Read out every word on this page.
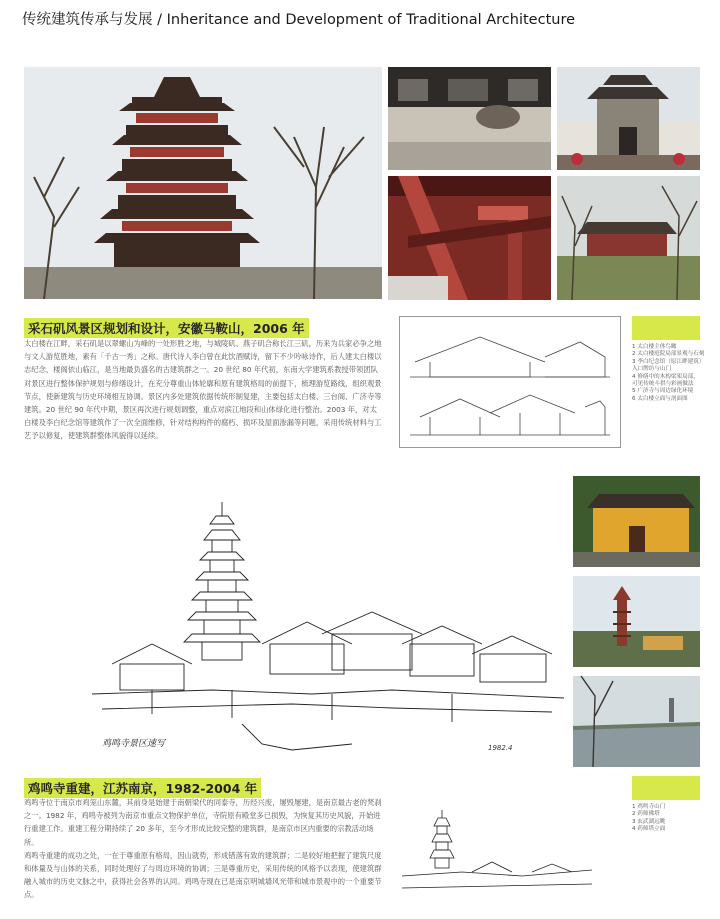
传统建筑传承与发展 / Inheritance and Development of Traditional Architecture
采石矶风景区规划和设计，安徽马鞍山，2006 年

太白楼在江畔，采石矶是以翠螺山为峰的一处形胜之地，与城陵矶、燕子矶合称长江三矶，历来为兵家必争之地与文人游览胜地，素有「千古一秀」之称。唐代诗人李白曾在此饮酒赋诗，留下不少吟咏诗作，后人建太白楼以志纪念，楼阁依山临江，是当地最负盛名的古建筑群之一。20 世纪 80 年代初，东南大学建筑系教授带领团队对景区进行整体保护规划与修缮设计，在充分尊重山体轮廓和原有建筑格局的前提下，梳理游览路线，组织观景节点，使新建筑与历史环境相互协调。景区内多处建筑依据传统形制复建，主要包括太白楼、三台阁、广济寺等建筑。20 世纪 90 年代中期，景区再次进行规划调整，重点对滨江地段和山体绿化进行整治。2003 年，对太白楼及李白纪念馆等建筑作了一次全面维修，针对结构构件的腐朽、损坏及屋面渗漏等问题，采用传统材料与工艺予以修复，使建筑群整体风貌得以延续。

1 太白楼主体鸟瞰
2 太白楼庭院局部景观与石刻
3 李白纪念馆（原江畔建筑）
入口牌坊与山门
4 修缮中的木构梁架局部，
可见传统斗拱与彩画做法
5 广济寺与周边绿化环境
6 太白楼立面与剖面图
鸡鸣寺景区速写	1982.4
鸡鸣寺重建，江苏南京，1982-2004 年

鸡鸣寺位于南京市鸡笼山东麓，其前身是始建于南朝梁代的同泰寺，历经兴废，屡毁屡建，是南京最古老的梵刹之一。1982 年，鸡鸣寺被列为南京市重点文物保护单位，寺院原有殿堂多已损毁，为恢复其历史风貌，开始进行重建工作。重建工程分期持续了 20 多年，至今才形成比较完整的建筑群，是南京市区内重要的宗教活动场所。

鸡鸣寺重建的成功之处，一在于尊重原有格局，因山就势，形成错落有致的建筑群；二是较好地把握了建筑尺度和体量及与山体的关系，同时处理好了与周边环境的协调；三是尊重历史，采用传统的风格予以表现，使建筑群融入城市的历史文脉之中，获得社会各界的认同。鸡鸣寺现在已是南京明城墙风光带和城市景观中的一个重要节点。

1 鸡鸣寺山门
2 药师佛塔
3 玄武湖远眺
4 药师塔立面
